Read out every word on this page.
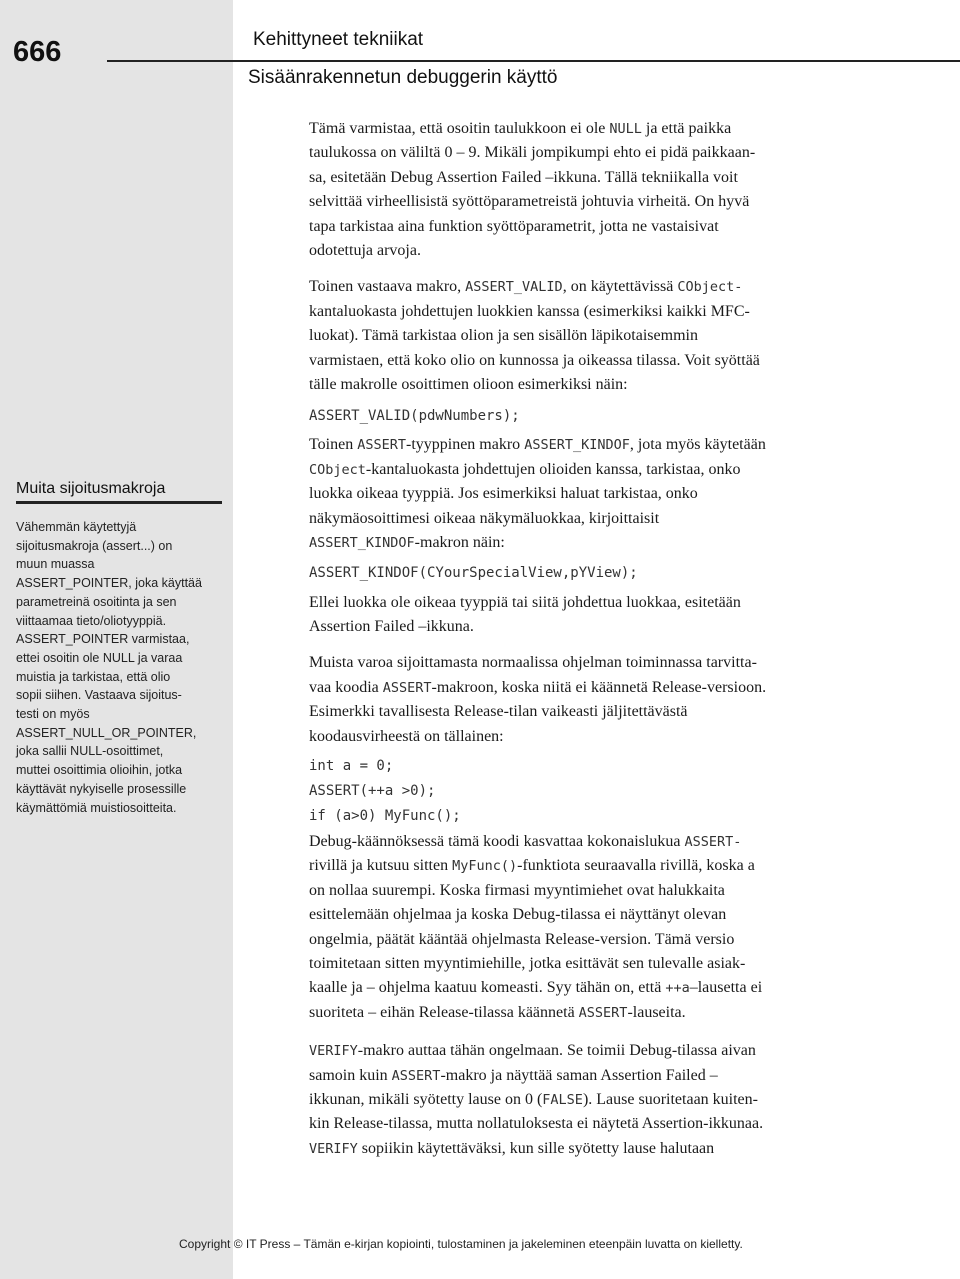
666	Kehittyneet tekniikat
Sisäänrakennetun debuggerin käyttö
Muita sijoitusmakroja
Vähemmän käytettyjä
sijoitusmakroja (assert...) on
muun muassa
ASSERT_POINTER, joka käyttää
parametreinä osoitinta ja sen
viittaamaa tieto/oliotyyppiä.
ASSERT_POINTER varmistaa,
ettei osoitin ole NULL ja varaa
muistia ja tarkistaa, että olio
sopii siihen. Vastaava sijoitus-
testi on myös
ASSERT_NULL_OR_POINTER,
joka sallii NULL-osoittimet,
muttei osoittimia olioihin, jotka
käyttävät nykyiselle prosessille
käymättömiä muistiosoitteita.
Tämä varmistaa, että osoitin taulukkoon ei ole NULL ja että paikka
taulukossa on väliltä 0 – 9. Mikäli jompikumpi ehto ei pidä paikkaan-
sa, esitetään Debug Assertion Failed –ikkuna. Tällä tekniikalla voit
selvittää virheellisistä syöttöparametreistä johtuvia virheitä. On hyvä
tapa tarkistaa aina funktion syöttöparametrit, jotta ne vastaisivat
odotettuja arvoja.
Toinen vastaava makro, ASSERT_VALID, on käytettävissä CObject-
kantaluokasta johdettujen luokkien kanssa (esimerkiksi kaikki MFC-
luokat). Tämä tarkistaa olion ja sen sisällön läpikotaisemmin
varmistaen, että koko olio on kunnossa ja oikeassa tilassa. Voit syöttää
tälle makrolle osoittimen olioon esimerkiksi näin:
ASSERT_VALID(pdwNumbers);
Toinen ASSERT-tyyppinen makro ASSERT_KINDOF, jota myös käytetään
CObject-kantaluokasta johdettujen olioiden kanssa, tarkistaa, onko
luokka oikeaa tyyppiä. Jos esimerkiksi haluat tarkistaa, onko
näkymäosoittimesi oikeaa näkymäluokkaa, kirjoittaisit
ASSERT_KINDOF-makron näin:
ASSERT_KINDOF(CYourSpecialView,pYView);
Ellei luokka ole oikeaa tyyppiä tai siitä johdettua luokkaa, esitetään
Assertion Failed –ikkuna.
Muista varoa sijoittamasta normaalissa ohjelman toiminnassa tarvitta-
vaa koodia ASSERT-makroon, koska niitä ei käännetä Release-versioon.
Esimerkki tavallisesta Release-tilan vaikeasti jäljitettävästä
koodausvirheestä on tällainen:
int a = 0;
ASSERT(++a >0);
if (a>0) MyFunc();
Debug-käännöksessä tämä koodi kasvattaa kokonaislukua ASSERT-
rivillä ja kutsuu sitten MyFunc()-funktiota seuraavalla rivillä, koska a
on nollaa suurempi. Koska firmasi myyntimiehet ovat halukkaita
esittelemään ohjelmaa ja koska Debug-tilassa ei näyttänyt olevan
ongelmia, päätät kääntää ohjelmasta Release-version. Tämä versio
toimitetaan sitten myyntimiehille, jotka esittävät sen tulevalle asiak-
kaalle ja – ohjelma kaatuu komeasti. Syy tähän on, että ++a–lausetta ei
suoriteta – eihän Release-tilassa käännetä ASSERT-lauseita.
VERIFY-makro auttaa tähän ongelmaan. Se toimii Debug-tilassa aivan
samoin kuin ASSERT-makro ja näyttää saman Assertion Failed –
ikkunan, mikäli syötetty lause on 0 (FALSE). Lause suoritetaan kuiten-
kin Release-tilassa, mutta nollatuloksesta ei näytetä Assertion-ikkunaa.
VERIFY sopiikin käytettäväksi, kun sille syötetty lause halutaan
Copyright © IT Press – Tämän e-kirjan kopiointi, tulostaminen ja jakeleminen eteenpäin luvatta on kielletty.
